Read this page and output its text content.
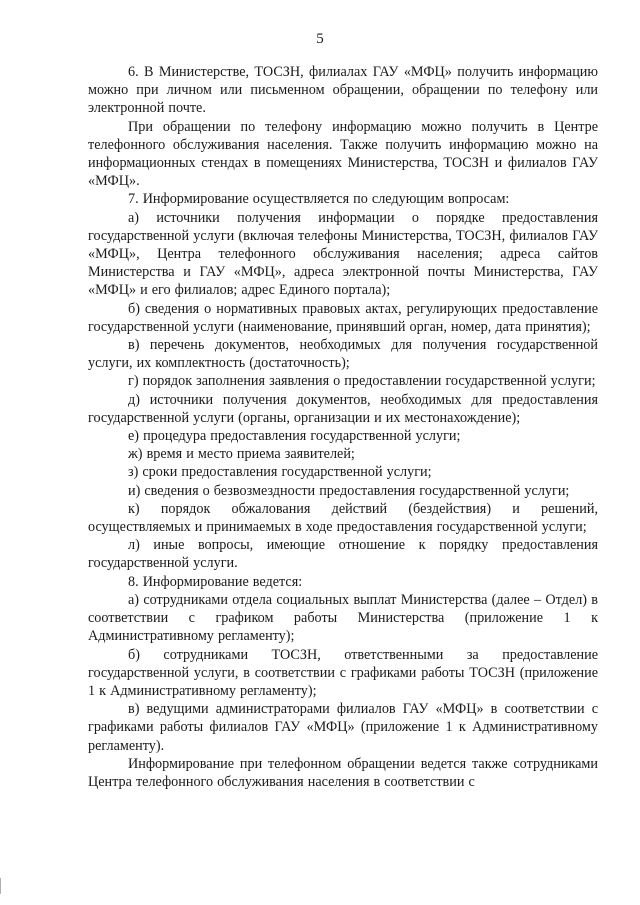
5

6. В Министерстве, ТОСЗН, филиалах ГАУ «МФЦ» получить информацию можно при личном или письменном обращении, обращении по телефону или электронной почте.

При обращении по телефону информацию можно получить в Центре телефонного обслуживания населения. Также получить информацию можно на информационных стендах в помещениях Министерства, ТОСЗН и филиалов ГАУ «МФЦ».

7. Информирование осуществляется по следующим вопросам:

а) источники получения информации о порядке предоставления государственной услуги (включая телефоны Министерства, ТОСЗН, филиалов ГАУ «МФЦ», Центра телефонного обслуживания населения; адреса сайтов Министерства и ГАУ «МФЦ», адреса электронной почты Министерства, ГАУ «МФЦ» и его филиалов; адрес Единого портала);

б) сведения о нормативных правовых актах, регулирующих предоставление государственной услуги (наименование, принявший орган, номер, дата принятия);

в) перечень документов, необходимых для получения государственной услуги, их комплектность (достаточность);

г) порядок заполнения заявления о предоставлении государственной услуги;

д) источники получения документов, необходимых для предоставления государственной услуги (органы, организации и их местонахождение);

е) процедура предоставления государственной услуги;

ж) время и место приема заявителей;

з) сроки предоставления государственной услуги;

и) сведения о безвозмездности предоставления государственной услуги;

к) порядок обжалования действий (бездействия) и решений, осуществляемых и принимаемых в ходе предоставления государственной услуги;

л) иные вопросы, имеющие отношение к порядку предоставления государственной услуги.

8. Информирование ведется:

а) сотрудниками отдела социальных выплат Министерства (далее – Отдел) в соответствии с графиком работы Министерства (приложение 1 к Административному регламенту);

б) сотрудниками ТОСЗН, ответственными за предоставление государственной услуги, в соответствии с графиками работы ТОСЗН (приложение 1 к Административному регламенту);

в) ведущими администраторами филиалов ГАУ «МФЦ» в соответствии с графиками работы филиалов ГАУ «МФЦ» (приложение 1 к Административному регламенту).

Информирование при телефонном обращении ведется также сотрудниками Центра телефонного обслуживания населения в соответствии с
